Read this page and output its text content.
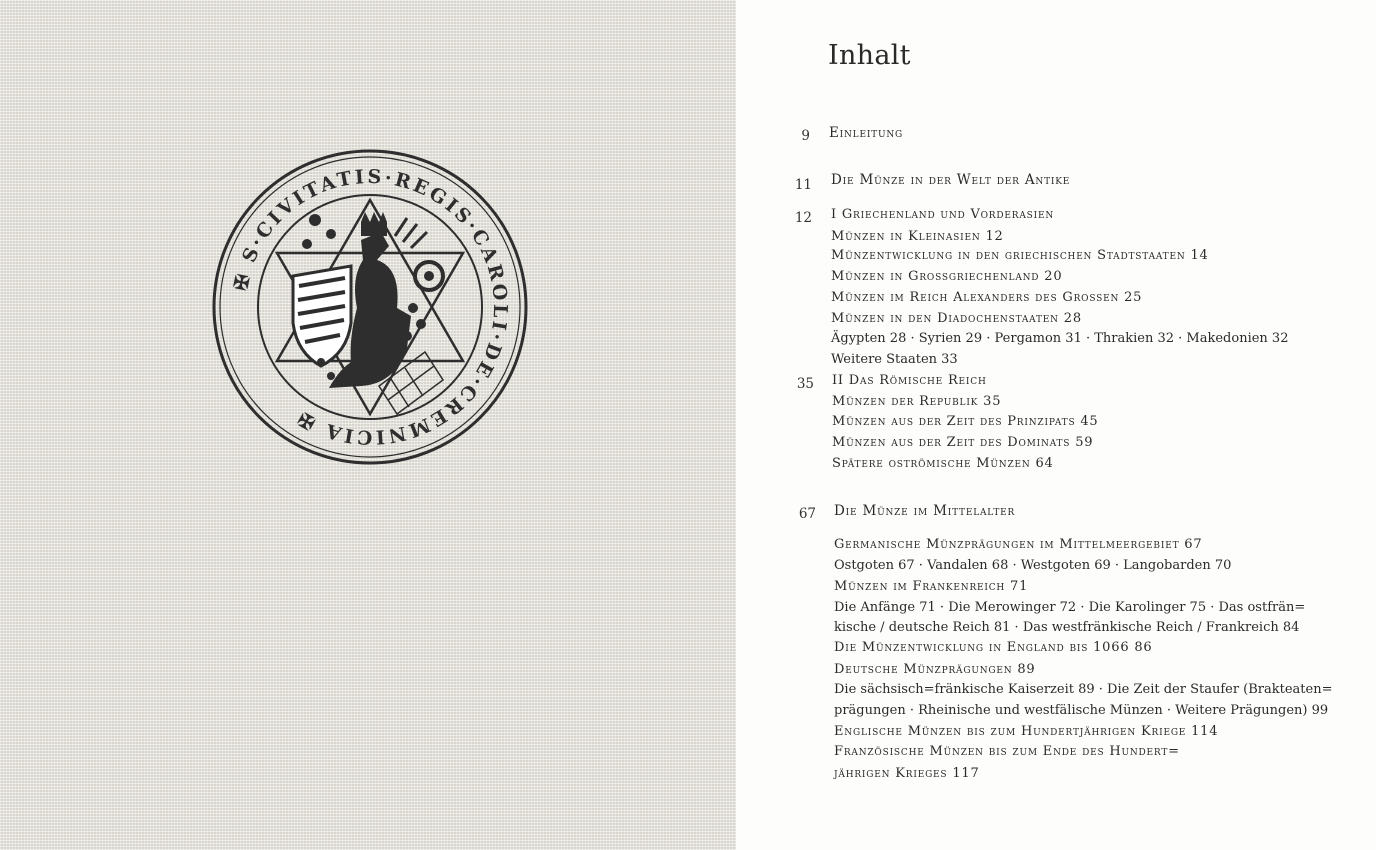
✠ S·CIVITATIS·REGIS·CAROLI·DE·CREMNICIA ✠
Inhalt
9 Einleitung
11 Die Münze in der Welt der Antike
12 I Griechenland und Vorderasien
Münzen in Kleinasien 12
Münzentwicklung in den griechischen Stadtstaaten 14
Münzen in Grossgriechenland 20
Münzen im Reich Alexanders des Grossen 25
Münzen in den Diadochenstaaten 28
Ägypten 28 · Syrien 29 · Pergamon 31 · Thrakien 32 · Makedonien 32
Weitere Staaten 33
35 II Das Römische Reich
Münzen der Republik 35
Münzen aus der Zeit des Prinzipats 45
Münzen aus der Zeit des Dominats 59
Spätere oströmische Münzen 64
67 Die Münze im Mittelalter
Germanische Münzprägungen im Mittelmeergebiet 67
Ostgoten 67 · Vandalen 68 · Westgoten 69 · Langobarden 70
Münzen im Frankenreich 71
Die Anfänge 71 · Die Merowinger 72 · Die Karolinger 75 · Das ostfrän=
kische / deutsche Reich 81 · Das westfränkische Reich / Frankreich 84
Die Münzentwicklung in England bis 1066 86
Deutsche Münzprägungen 89
Die sächsisch=fränkische Kaiserzeit 89 · Die Zeit der Staufer (Brakteaten=
prägungen · Rheinische und westfälische Münzen · Weitere Prägungen) 99
Englische Münzen bis zum Hundertjährigen Kriege 114
Französische Münzen bis zum Ende des Hundert=
jährigen Krieges 117
